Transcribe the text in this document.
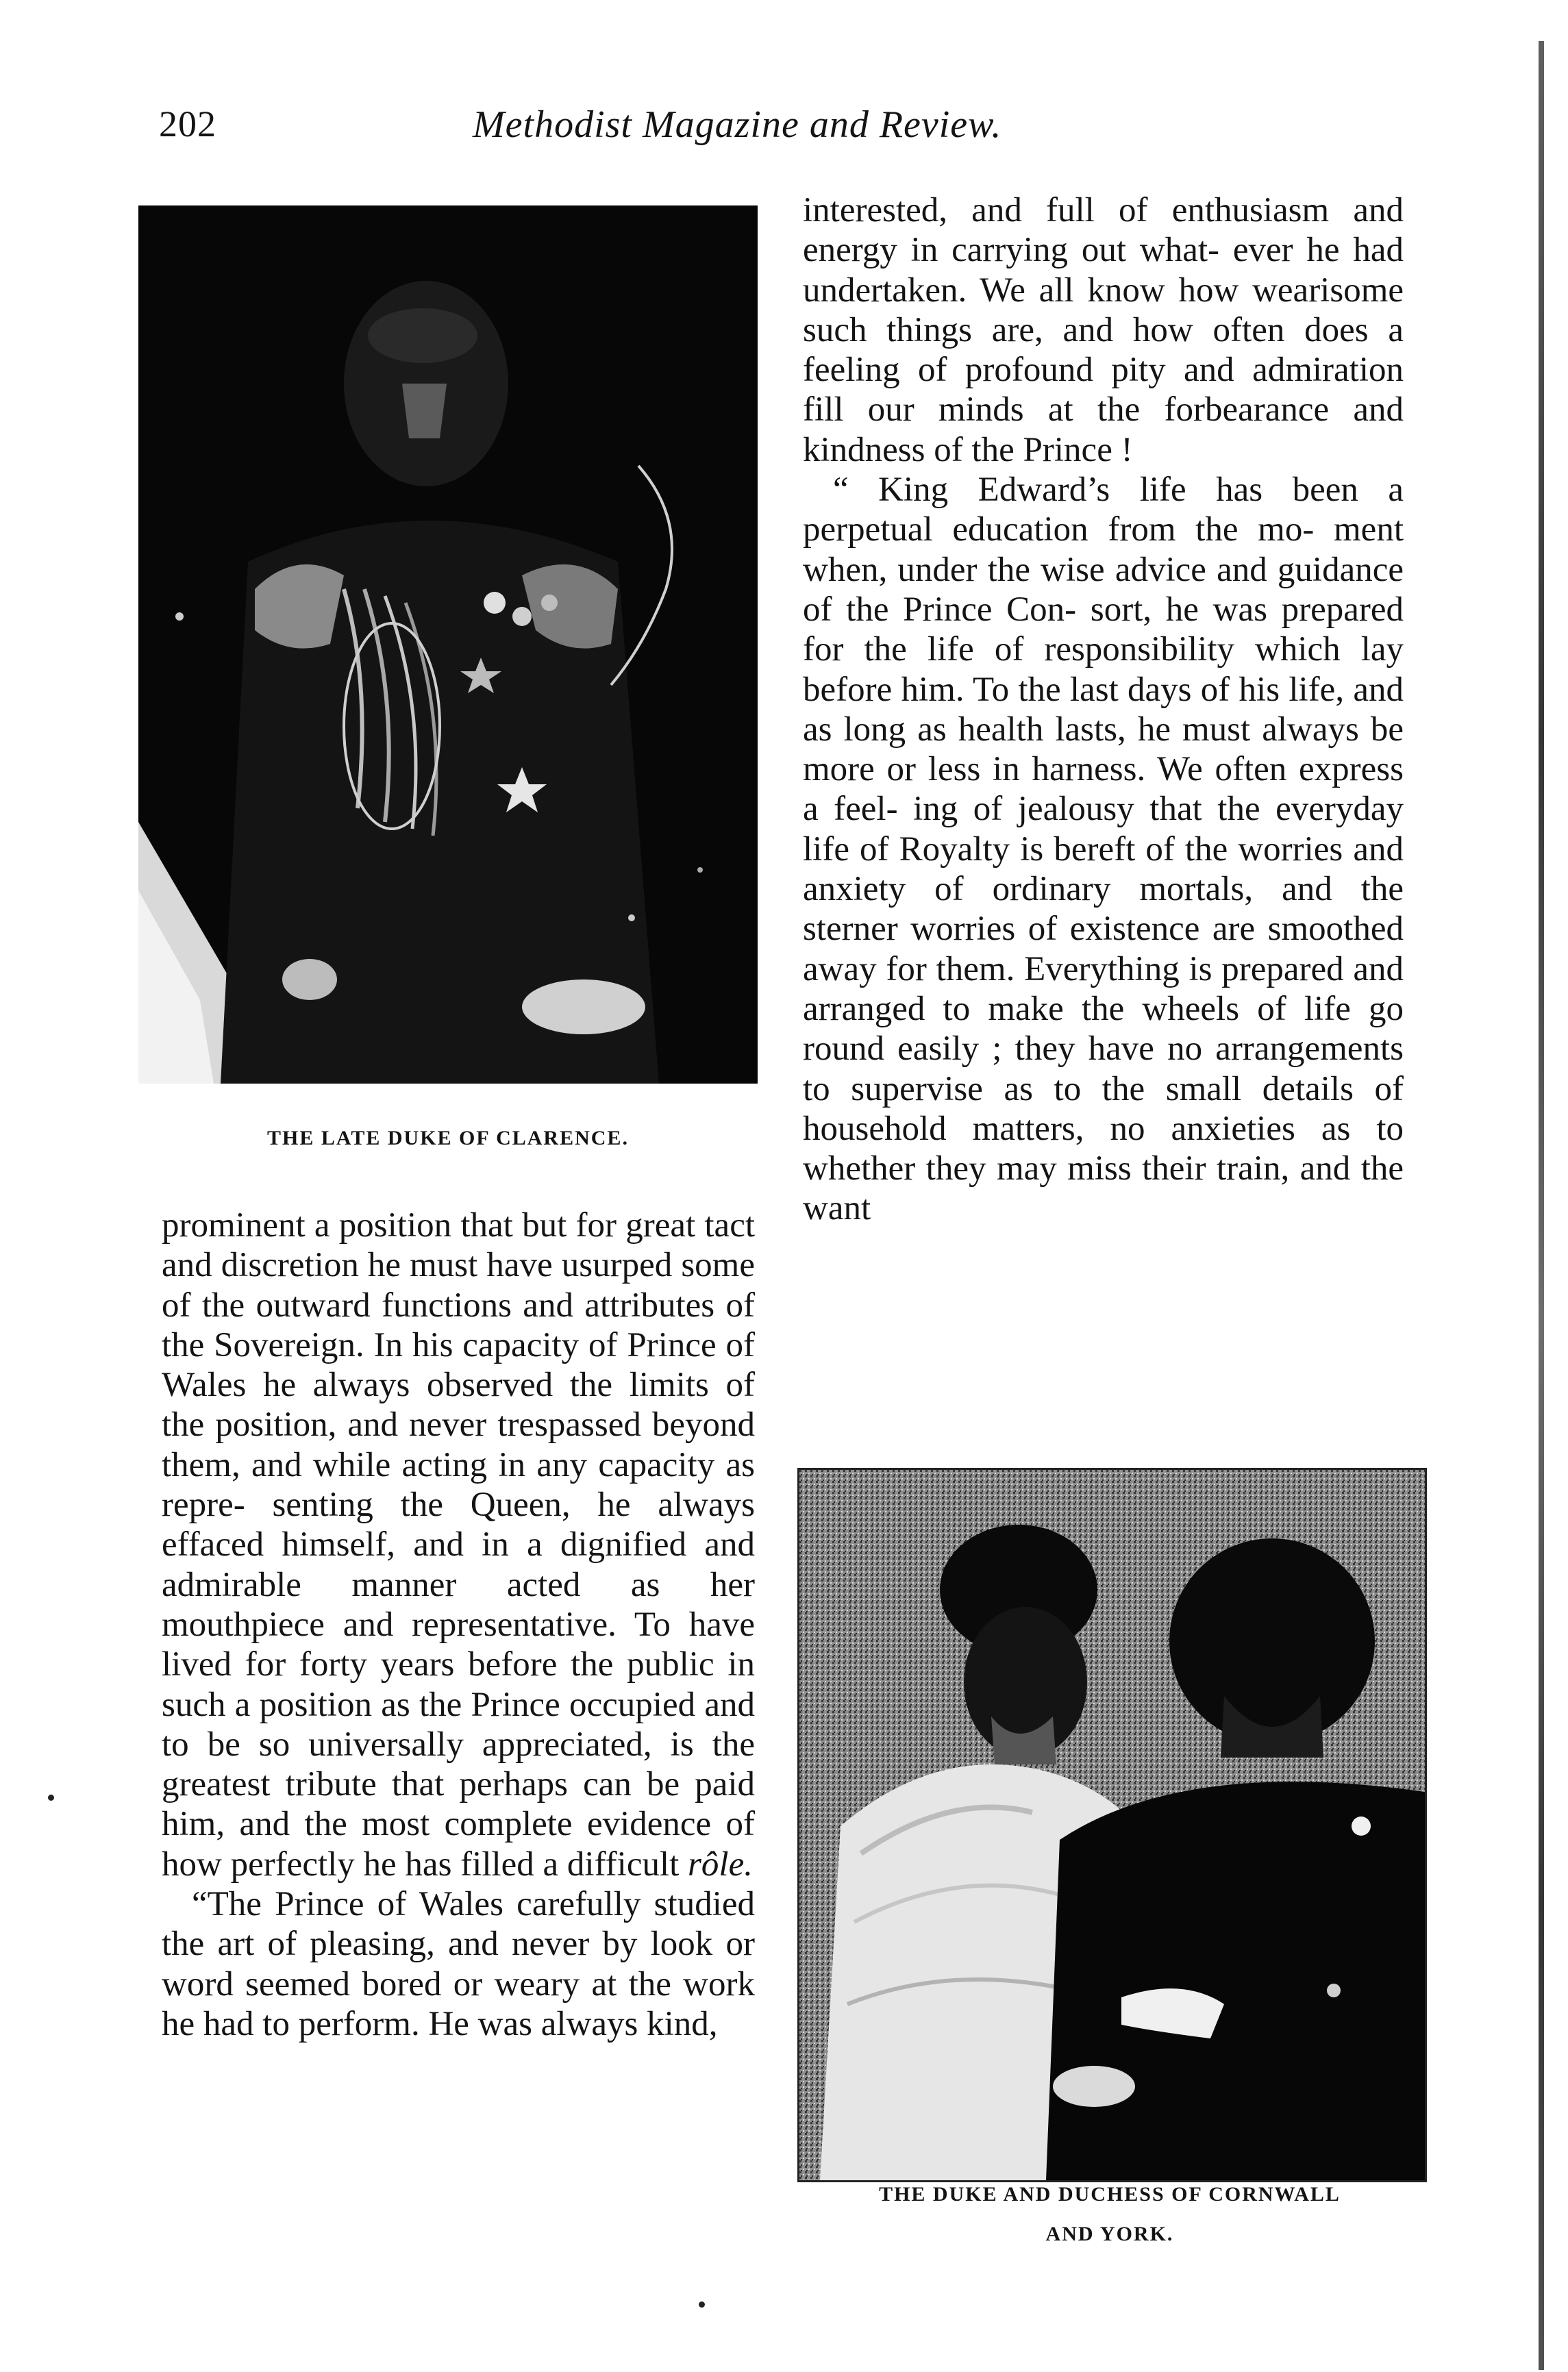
202	Methodist Magazine and Review.
THE LATE DUKE OF CLARENCE.

interested, and full of enthusiasm and energy in carrying out what- ever he had undertaken. We all know how wearisome such things are, and how often does a feeling of profound pity and admiration fill our minds at the forbearance and kindness of the Prince !

“ King Edward’s life has been a perpetual education from the mo- ment when, under the wise advice and guidance of the Prince Con- sort, he was prepared for the life of responsibility which lay before him. To the last days of his life, and as long as health lasts, he must always be more or less in harness. We often express a feel- ing of jealousy that the everyday life of Royalty is bereft of the worries and anxiety of ordinary mortals, and the sterner worries of existence are smoothed away for them. Everything is prepared and arranged to make the wheels of life go round easily ; they have no arrangements to supervise as to the small details of household matters, no anxieties as to whether they may miss their train, and the want

prominent a position that but for great tact and discretion he must have usurped some of the outward functions and attributes of the Sovereign. In his capacity of Prince of Wales he always observed the limits of the position, and never trespassed beyond them, and while acting in any capacity as repre- senting the Queen, he always effaced himself, and in a dignified and admirable manner acted as her mouthpiece and representative. To have lived for forty years before the public in such a position as the Prince occupied and to be so universally appreciated, is the greatest tribute that perhaps can be paid him, and the most complete evidence of how perfectly he has filled a difficult rôle.

“The Prince of Wales carefully studied the art of pleasing, and never by look or word seemed bored or weary at the work he had to perform. He was always kind,

THE DUKE AND DUCHESS OF CORNWALL
AND YORK.
